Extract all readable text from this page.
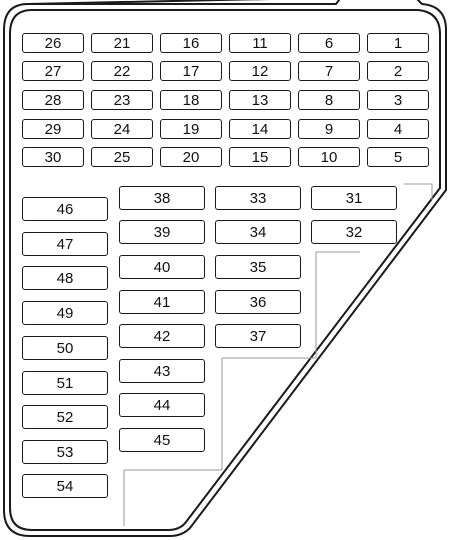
26	21	16	11	6	1
27	22	17	12	7	2
28	23	18	13	8	3
29	24	19	14	9	4
30	25	20	15	10	5
46
47
48
49
50
51
52
53
54
38
39
40
41
42
43
44
45
33
34
35
36
37
31
32
